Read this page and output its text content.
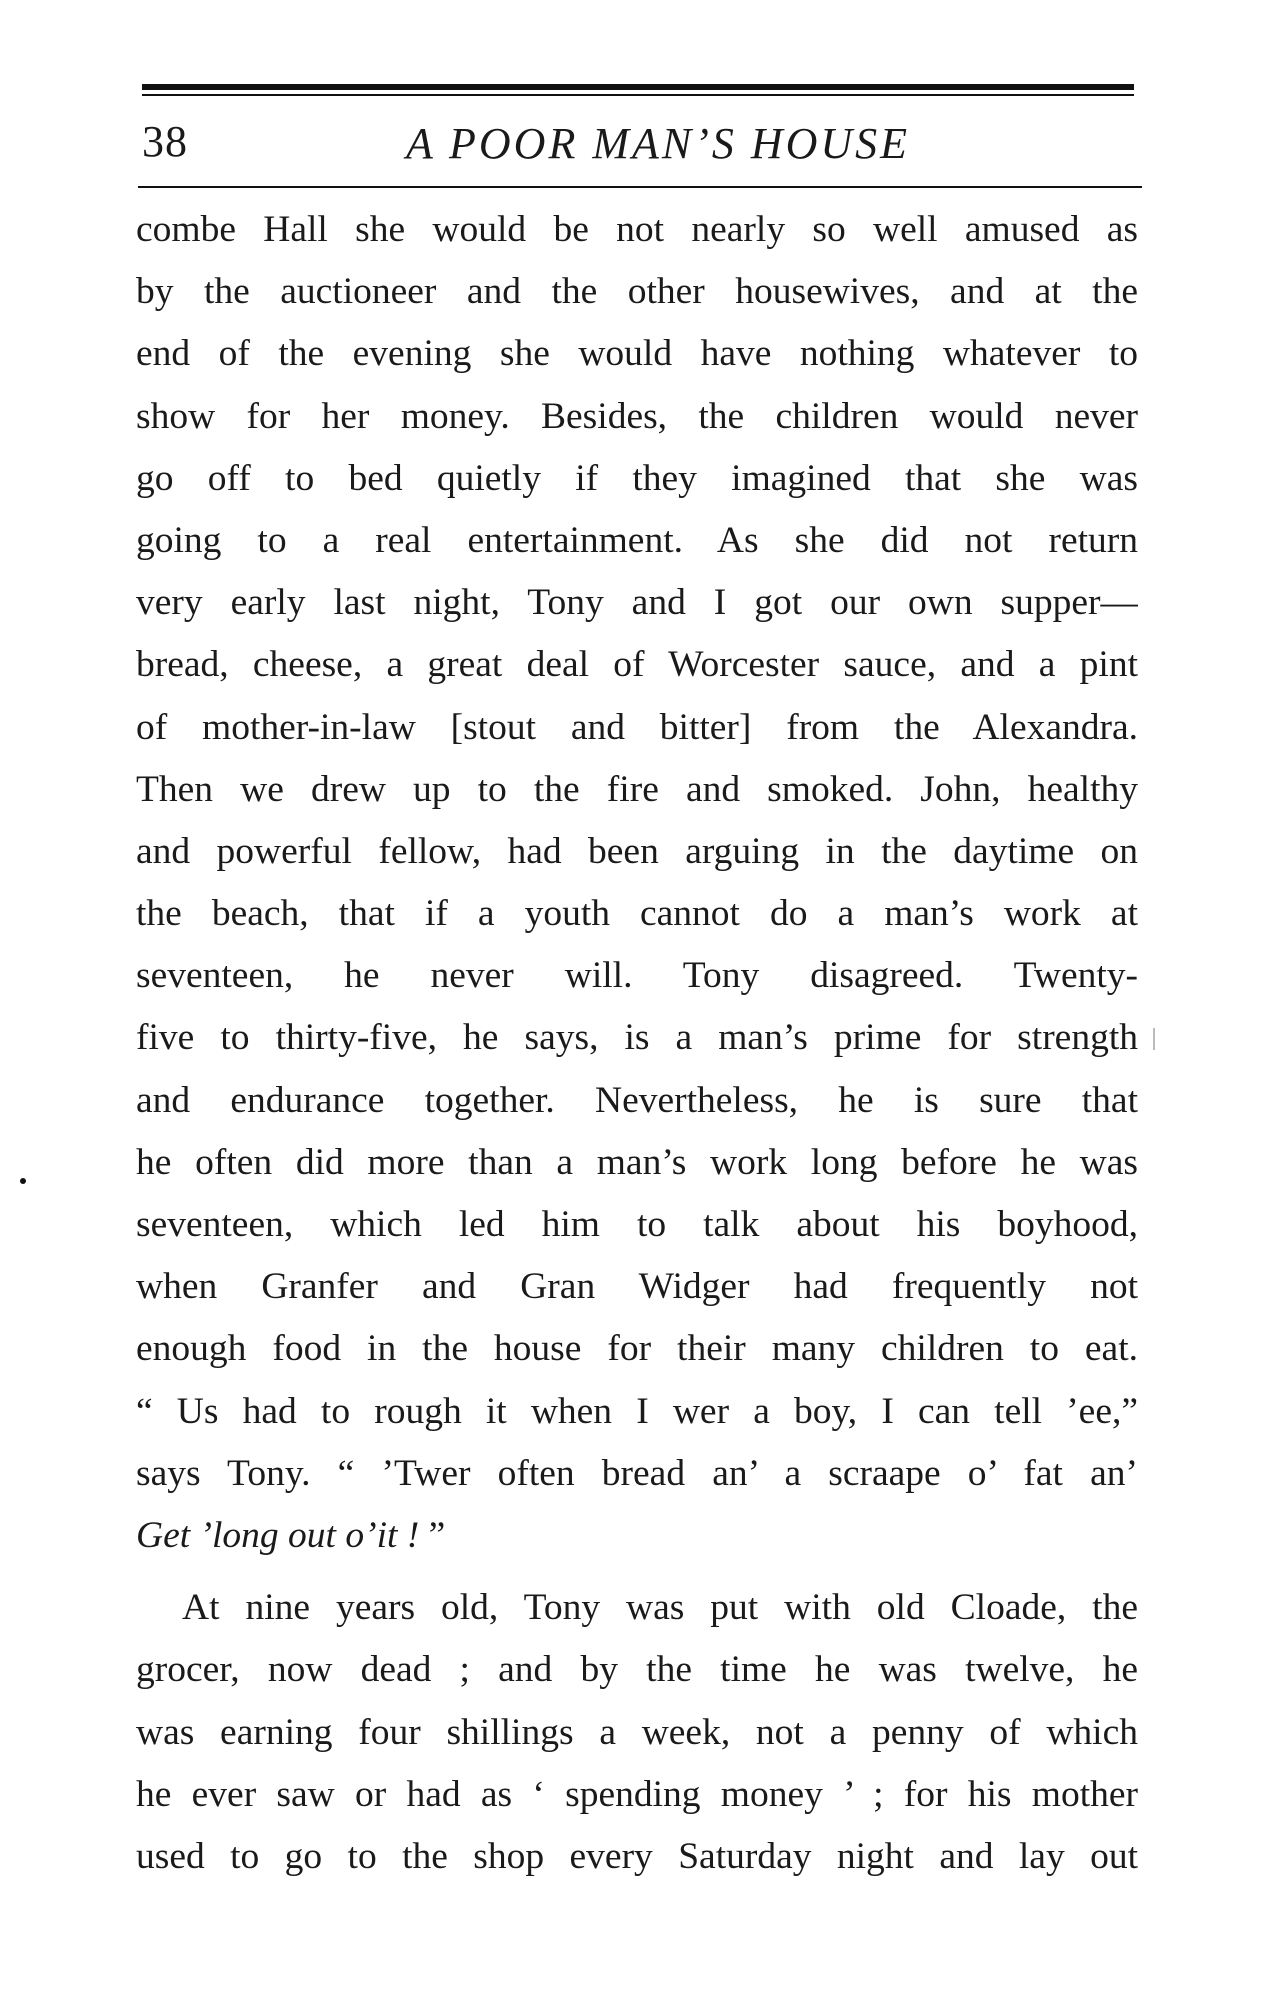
38	A POOR MAN’S HOUSE
combe Hall she would be not nearly so well amused as
by the auctioneer and the other housewives, and at the
end of the evening she would have nothing whatever to
show for her money. Besides, the children would never
go off to bed quietly if they imagined that she was
going to a real entertainment. As she did not return
very early last night, Tony and I got our own supper—
bread, cheese, a great deal of Worcester sauce, and a pint
of mother-in-law [stout and bitter] from the Alexandra.
Then we drew up to the fire and smoked. John, healthy
and powerful fellow, had been arguing in the daytime on
the beach, that if a youth cannot do a man’s work at
seventeen, he never will. Tony disagreed. Twenty-
five to thirty-five, he says, is a man’s prime for strength
and endurance together. Nevertheless, he is sure that
he often did more than a man’s work long before he was
seventeen, which led him to talk about his boyhood,
when Granfer and Gran Widger had frequently not
enough food in the house for their many children to eat.
“ Us had to rough it when I wer a boy, I can tell ’ee,”
says Tony. “ ’Twer often bread an’ a scraape o’ fat an’
Get ’long out o’it ! ”
At nine years old, Tony was put with old Cloade, the
grocer, now dead ; and by the time he was twelve, he
was earning four shillings a week, not a penny of which
he ever saw or had as ‘ spending money ’ ; for his mother
used to go to the shop every Saturday night and lay out
